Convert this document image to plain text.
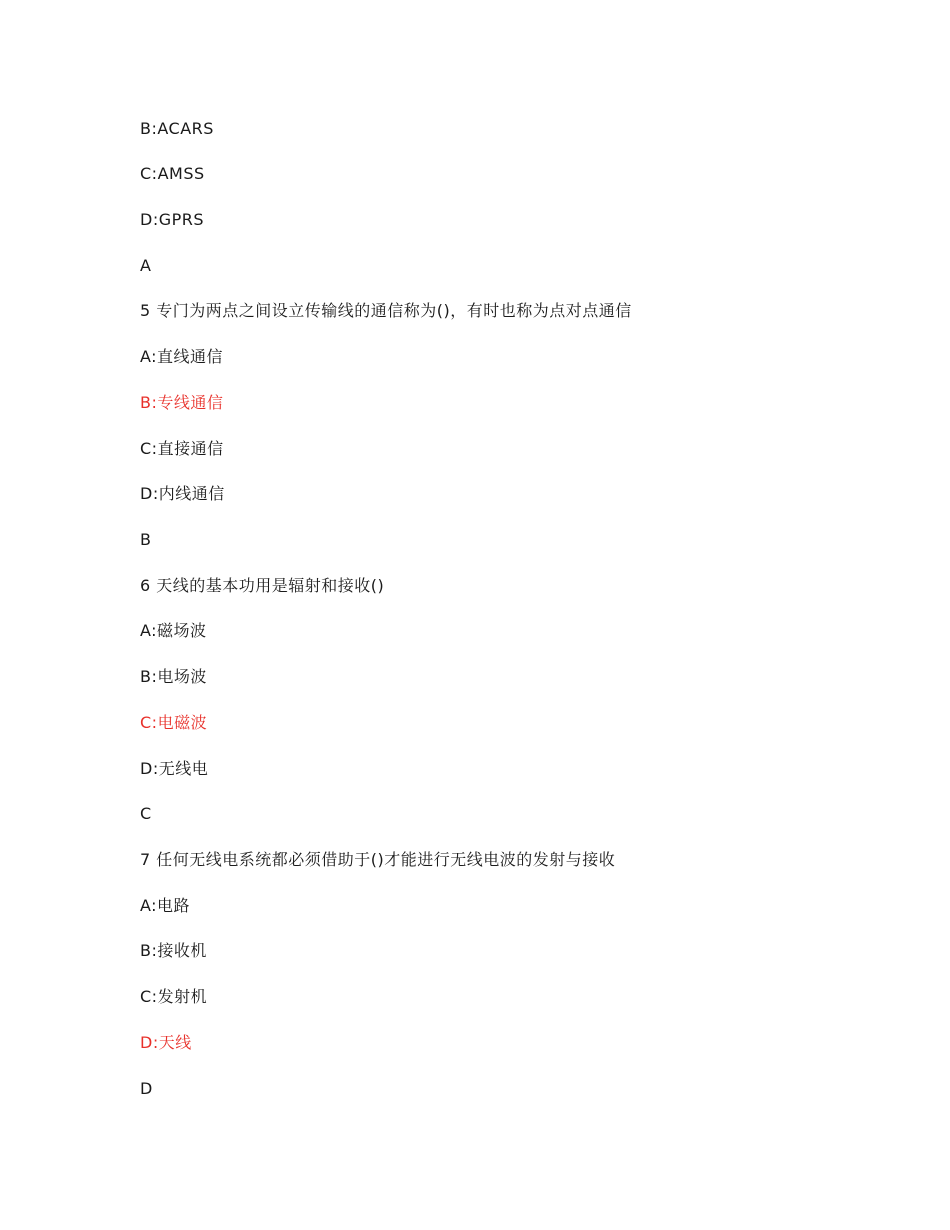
B:ACARS
C:AMSS
D:GPRS
A
5 专门为两点之间设立传输线的通信称为()，有时也称为点对点通信
A:直线通信
B:专线通信
C:直接通信
D:内线通信
B
6 天线的基本功用是辐射和接收()
A:磁场波
B:电场波
C:电磁波
D:无线电
C
7 任何无线电系统都必须借助于()才能进行无线电波的发射与接收
A:电路
B:接收机
C:发射机
D:天线
D
